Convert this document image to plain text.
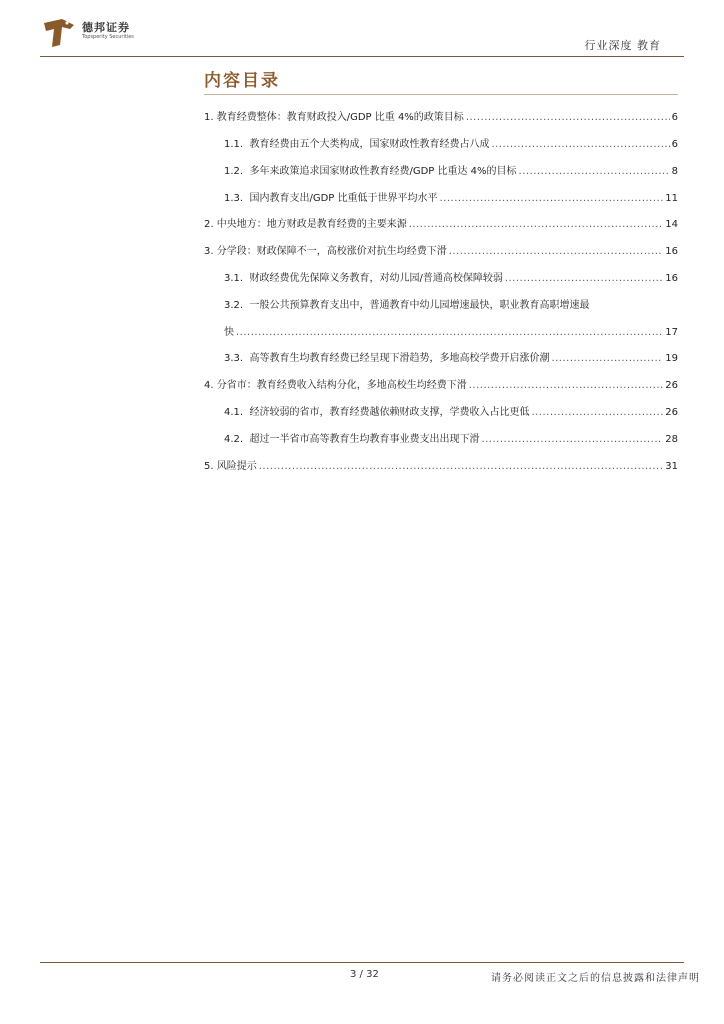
德邦证券
Topsperity Securities
行业深度 教育
内容目录
1.
教育经费整体：教育财政投入/GDP 比重 4%的政策目标 .....	6
1.1.
教育经费由五个大类构成，国家财政性教育经费占八成 .....	6
1.2.
多年来政策追求国家财政性教育经费/GDP 比重达 4%的目标 .....	8
1.3.
国内教育支出/GDP 比重低于世界平均水平 .....	11
2.
中央地方：地方财政是教育经费的主要来源 .....	14
3.
分学段：财政保障不一，高校涨价对抗生均经费下滑 .....	16
3.1.
财政经费优先保障义务教育，对幼儿园/普通高校保障较弱 .....	16
3.2.
一般公共预算教育支出中，普通教育中幼儿园增速最快，职业教育高职增速最
快 .....	17
3.3.
高等教育生均教育经费已经呈现下滑趋势，多地高校学费开启涨价潮 .....	19
4.
分省市：教育经费收入结构分化，多地高校生均经费下滑 .....	26
4.1.
经济较弱的省市，教育经费越依赖财政支撑，学费收入占比更低 .....	26
4.2.
超过一半省市高等教育生均教育事业费支出出现下滑 .....	28
5.
风险提示 .....	31
3 / 32	请务必阅读正文之后的信息披露和法律声明
